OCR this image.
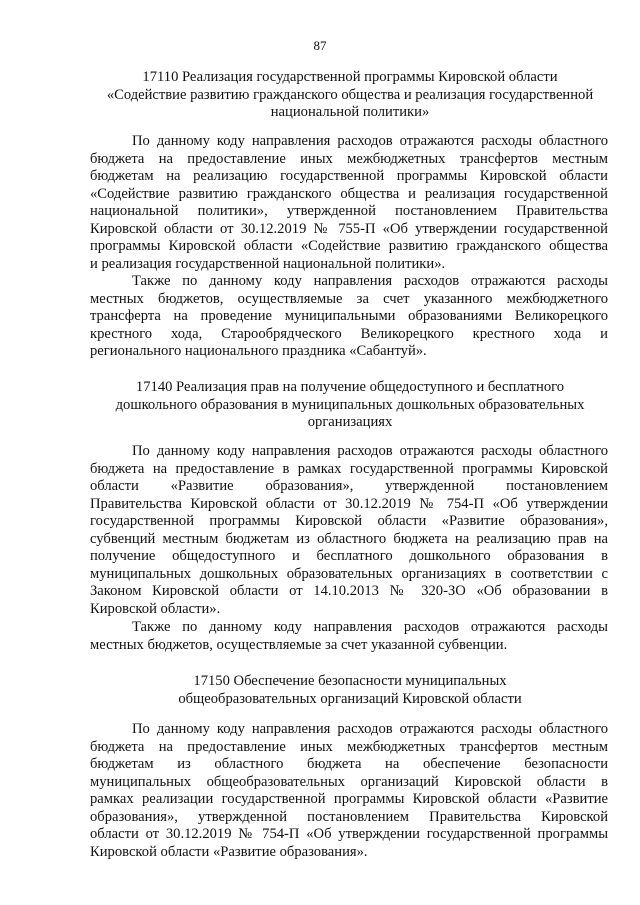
87
17110 Реализация государственной программы Кировской области
«Содействие развитию гражданского общества и реализация государственной
национальной политики»
По данному коду направления расходов отражаются расходы областного
бюджета на предоставление иных межбюджетных трансфертов местным
бюджетам на реализацию государственной программы Кировской области
«Содействие развитию гражданского общества и реализация государственной
национальной политики», утвержденной постановлением Правительства
Кировской области от 30.12.2019 № 755-П «Об утверждении государственной
программы Кировской области «Содействие развитию гражданского общества
и реализация государственной национальной политики».
Также по данному коду направления расходов отражаются расходы
местных бюджетов, осуществляемые за счет указанного межбюджетного
трансферта на проведение муниципальными образованиями Великорецкого
крестного хода, Старообрядческого Великорецкого крестного хода и
регионального национального праздника «Сабантуй».
17140 Реализация прав на получение общедоступного и бесплатного
дошкольного образования в муниципальных дошкольных образовательных
организациях
По данному коду направления расходов отражаются расходы областного
бюджета на предоставление в рамках государственной программы Кировской
области «Развитие образования», утвержденной постановлением
Правительства Кировской области от 30.12.2019 № 754-П «Об утверждении
государственной программы Кировской области «Развитие образования»,
субвенций местным бюджетам из областного бюджета на реализацию прав на
получение общедоступного и бесплатного дошкольного образования в
муниципальных дошкольных образовательных организациях в соответствии с
Законом Кировской области от 14.10.2013 № 320-ЗО «Об образовании в
Кировской области».
Также по данному коду направления расходов отражаются расходы
местных бюджетов, осуществляемые за счет указанной субвенции.
17150 Обеспечение безопасности муниципальных
общеобразовательных организаций Кировской области
По данному коду направления расходов отражаются расходы областного
бюджета на предоставление иных межбюджетных трансфертов местным
бюджетам из областного бюджета на обеспечение безопасности
муниципальных общеобразовательных организаций Кировской области в
рамках реализации государственной программы Кировской области «Развитие
образования», утвержденной постановлением Правительства Кировской
области от 30.12.2019 № 754-П «Об утверждении государственной программы
Кировской области «Развитие образования».
